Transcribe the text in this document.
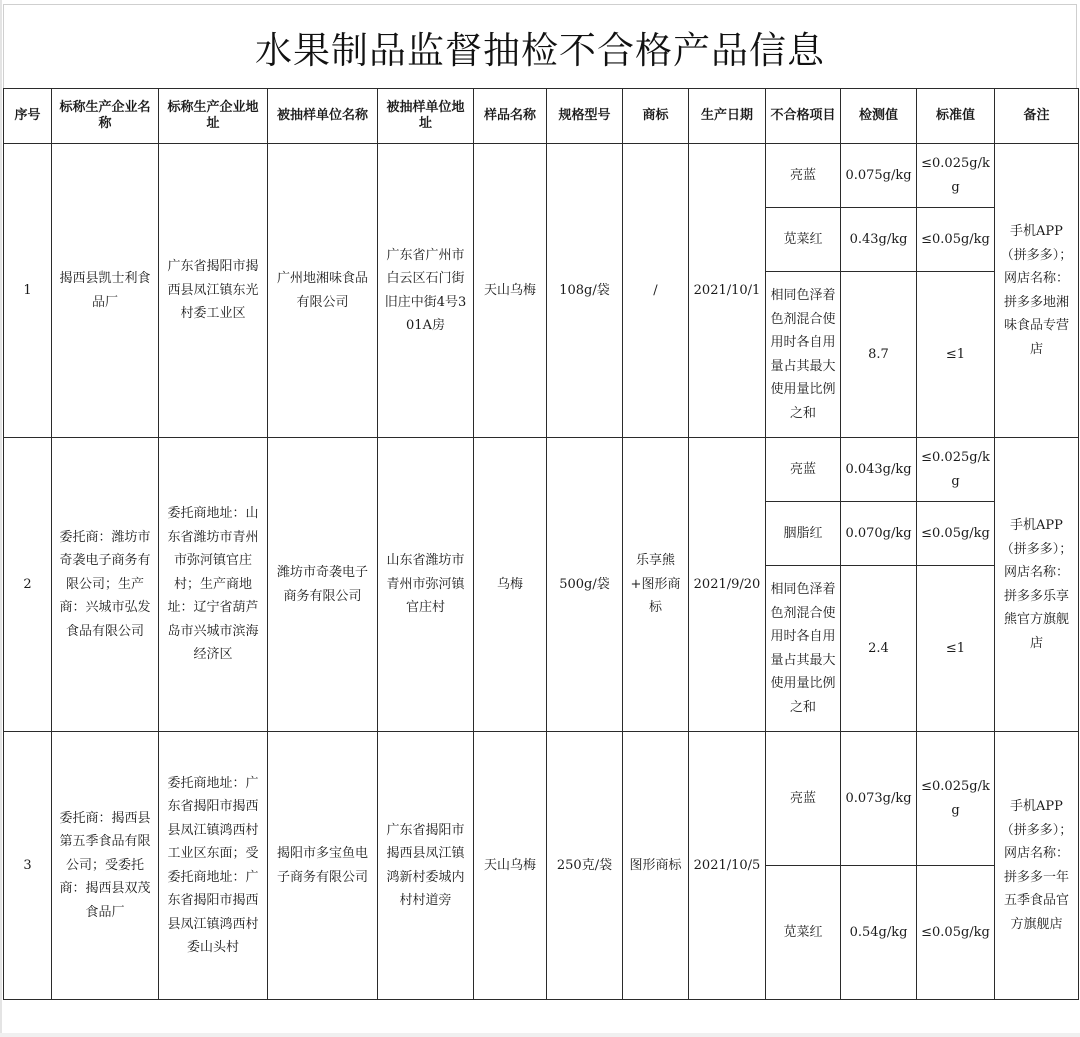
水果制品监督抽检不合格产品信息
序号	标称生产企业名称	标称生产企业地址	被抽样单位名称	被抽样单位地址	样品名称	规格型号	商标	生产日期	不合格项目	检测值	标准值	备注
1	揭西县凯士利食品厂	广东省揭阳市揭西县凤江镇东光村委工业区	广州地湘味食品有限公司	广东省广州市白云区石门街旧庄中街4号301A房	天山乌梅	108g/袋	/	2021/10/1	亮蓝	0.075g/kg	≤0.025g/kg	手机APP（拼多多）；网店名称：拼多多地湘味食品专营店
									苋菜红	0.43g/kg	≤0.05g/kg	
									相同色泽着色剂混合使用时各自用量占其最大使用量比例之和	8.7	≤1	
2	委托商：潍坊市奇袭电子商务有限公司；生产商：兴城市弘发食品有限公司	委托商地址：山东省潍坊市青州市弥河镇官庄村；生产商地址：辽宁省葫芦岛市兴城市滨海经济区	潍坊市奇袭电子商务有限公司	山东省潍坊市青州市弥河镇官庄村	乌梅	500g/袋	乐享熊+图形商标	2021/9/20	亮蓝	0.043g/kg	≤0.025g/kg	手机APP（拼多多）；网店名称：拼多多乐享熊官方旗舰店
									胭脂红	0.070g/kg	≤0.05g/kg	
									相同色泽着色剂混合使用时各自用量占其最大使用量比例之和	2.4	≤1	
3	委托商：揭西县第五季食品有限公司；受委托商：揭西县双茂食品厂	委托商地址：广东省揭阳市揭西县凤江镇鸿西村工业区东面；受委托商地址：广东省揭阳市揭西县凤江镇鸿西村委山头村	揭阳市多宝鱼电子商务有限公司	广东省揭阳市揭西县凤江镇鸿新村委城内村村道旁	天山乌梅	250克/袋	图形商标	2021/10/5	亮蓝	0.073g/kg	≤0.025g/kg	手机APP（拼多多）；网店名称：拼多多一年五季食品官方旗舰店
									苋菜红	0.54g/kg	≤0.05g/kg	
